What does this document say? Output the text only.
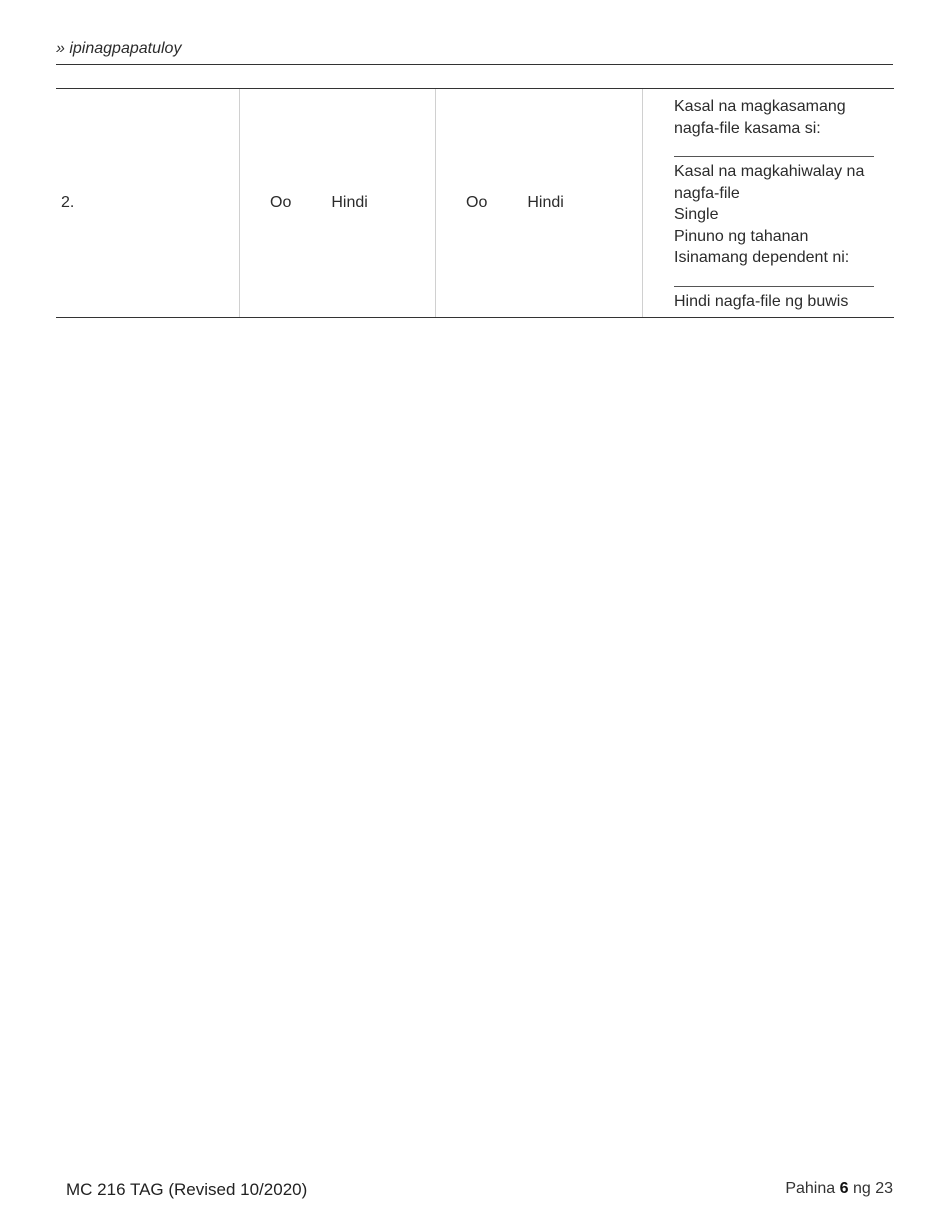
» ipinagpapatuloy
2.	Oo	Hindi	Oo	Hindi
Kasal na magkasamang
nagfa-file kasama si:
Kasal na magkahiwalay na
nagfa-file
Single
Pinuno ng tahanan
Isinamang dependent ni:
Hindi nagfa-file ng buwis
MC 216 TAG (Revised 10/2020)	Pahina 6 ng 23
